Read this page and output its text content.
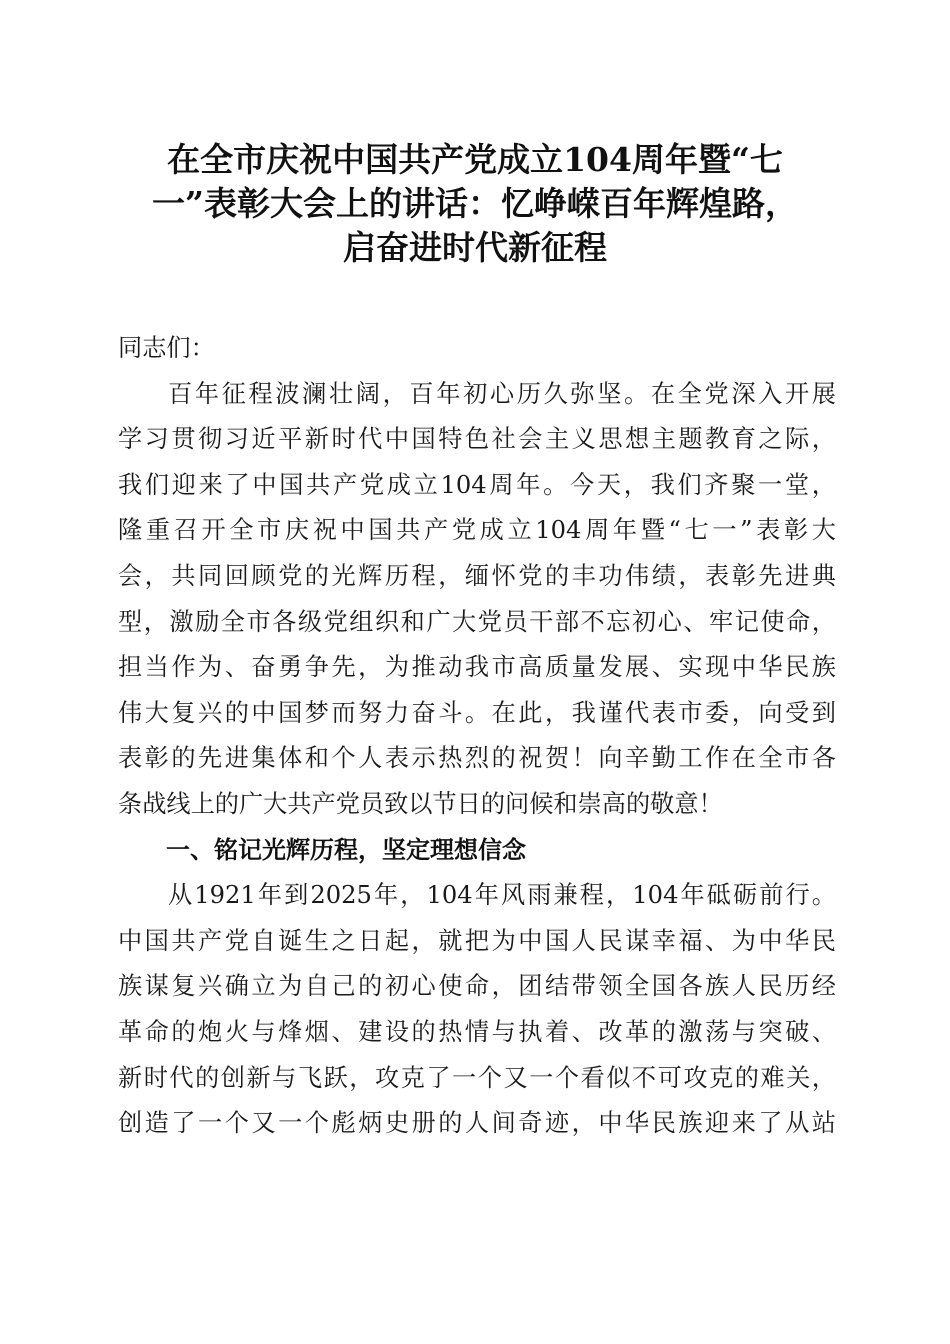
在全市庆祝中国共产党成立104周年暨“七
一”表彰大会上的讲话：忆峥嵘百年辉煌路，
启奋进时代新征程
同志们：
百年征程波澜壮阔，百年初心历久弥坚。在全党深入开展
学习贯彻习近平新时代中国特色社会主义思想主题教育之际，
我们迎来了中国共产党成立104周年。今天，我们齐聚一堂，
隆重召开全市庆祝中国共产党成立104周年暨“七一”表彰大
会，共同回顾党的光辉历程，缅怀党的丰功伟绩，表彰先进典
型，激励全市各级党组织和广大党员干部不忘初心、牢记使命，
担当作为、奋勇争先，为推动我市高质量发展、实现中华民族
伟大复兴的中国梦而努力奋斗。在此，我谨代表市委，向受到
表彰的先进集体和个人表示热烈的祝贺！向辛勤工作在全市各
条战线上的广大共产党员致以节日的问候和崇高的敬意！
一、铭记光辉历程，坚定理想信念
从1921年到2025年，104年风雨兼程，104年砥砺前行。
中国共产党自诞生之日起，就把为中国人民谋幸福、为中华民
族谋复兴确立为自己的初心使命，团结带领全国各族人民历经
革命的炮火与烽烟、建设的热情与执着、改革的激荡与突破、
新时代的创新与飞跃，攻克了一个又一个看似不可攻克的难关，
创造了一个又一个彪炳史册的人间奇迹，中华民族迎来了从站
